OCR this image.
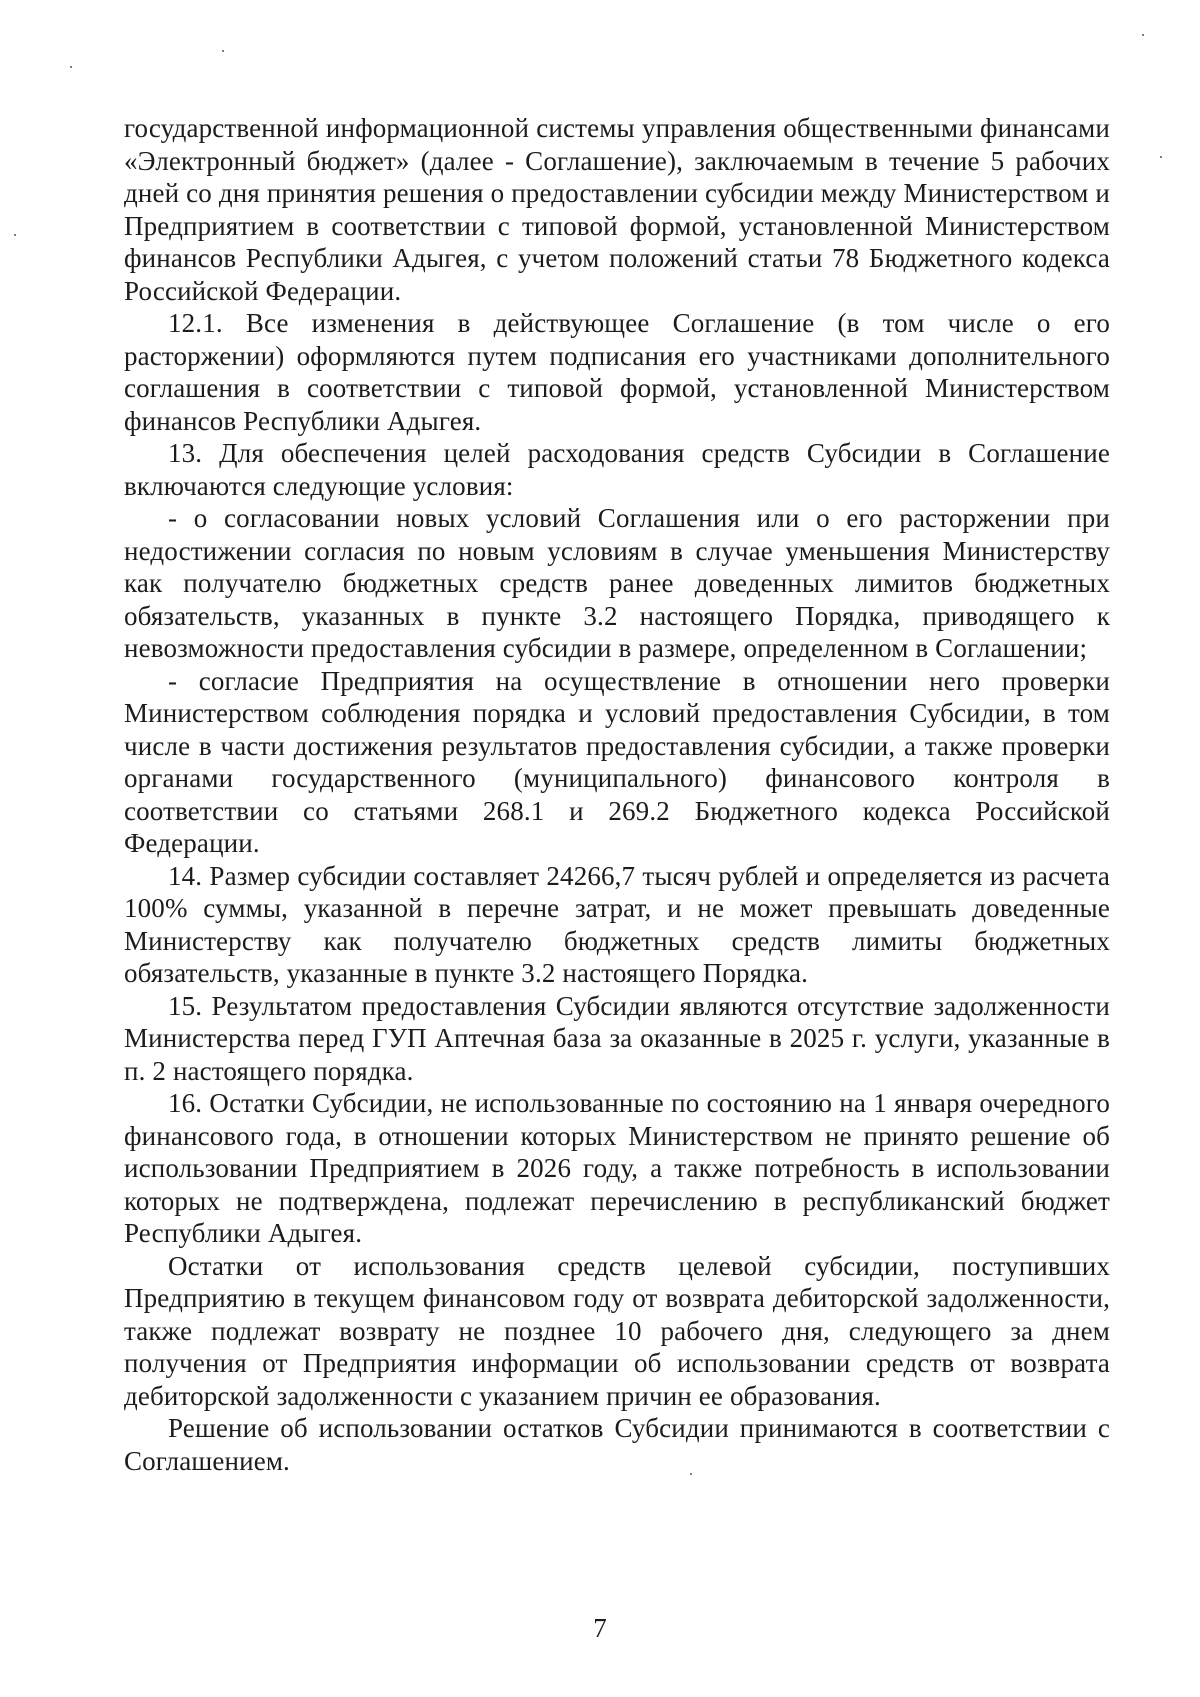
государственной информационной системы управления общественными финансами «Электронный бюджет» (далее - Соглашение), заключаемым в течение 5 рабочих дней со дня принятия решения о предоставлении субсидии между Министерством и Предприятием в соответствии с типовой формой, установленной Министерством финансов Республики Адыгея, с учетом положений статьи 78 Бюджетного кодекса Российской Федерации.

12.1. Все изменения в действующее Соглашение (в том числе о его расторжении) оформляются путем подписания его участниками дополнительного соглашения в соответствии с типовой формой, установленной Министерством финансов Республики Адыгея.

13. Для обеспечения целей расходования средств Субсидии в Соглашение включаются следующие условия:

- о согласовании новых условий Соглашения или о его расторжении при недостижении согласия по новым условиям в случае уменьшения Министерству как получателю бюджетных средств ранее доведенных лимитов бюджетных обязательств, указанных в пункте 3.2 настоящего Порядка, приводящего к невозможности предоставления субсидии в размере, определенном в Соглашении;

- согласие Предприятия на осуществление в отношении него проверки Министерством соблюдения порядка и условий предоставления Субсидии, в том числе в части достижения результатов предоставления субсидии, а также проверки органами государственного (муниципального) финансового контроля в соответствии со статьями 268.1 и 269.2 Бюджетного кодекса Российской Федерации.

14. Размер субсидии составляет 24266,7 тысяч рублей и определяется из расчета 100% суммы, указанной в перечне затрат, и не может превышать доведенные Министерству как получателю бюджетных средств лимиты бюджетных обязательств, указанные в пункте 3.2 настоящего Порядка.

15. Результатом предоставления Субсидии являются отсутствие задолженности Министерства перед ГУП Аптечная база за оказанные в 2025 г. услуги, указанные в п. 2 настоящего порядка.

16. Остатки Субсидии, не использованные по состоянию на 1 января очередного финансового года, в отношении которых Министерством не принято решение об использовании Предприятием в 2026 году, а также потребность в использовании которых не подтверждена, подлежат перечислению в республиканский бюджет Республики Адыгея.

Остатки от использования средств целевой субсидии, поступивших Предприятию в текущем финансовом году от возврата дебиторской задолженности, также подлежат возврату не позднее 10 рабочего дня, следующего за днем получения от Предприятия информации об использовании средств от возврата дебиторской задолженности с указанием причин ее образования.

Решение об использовании остатков Субсидии принимаются в соответствии с Соглашением.

7
